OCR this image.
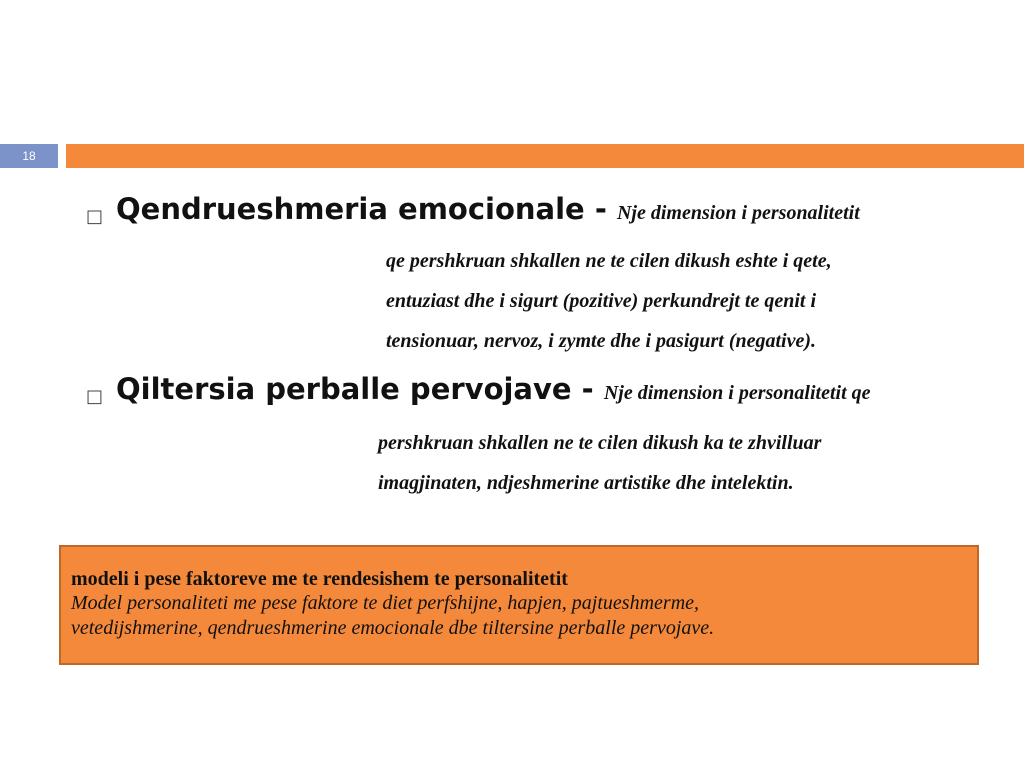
18
□ Qendrueshmeria emocionale - Nje dimension i personalitetit
qe pershkruan shkallen ne te cilen dikush eshte i qete,
entuziast dhe i sigurt (pozitive) perkundrejt te qenit i
tensionuar, nervoz, i zymte dhe i pasigurt (negative).
□ Qiltersia perballe pervojave - Nje dimension i personalitetit qe
pershkruan shkallen ne te cilen dikush ka te zhvilluar
imagjinaten, ndjeshmerine artistike dhe intelektin.
modeli i pese faktoreve me te rendesishem te personalitetit
Model personaliteti me pese faktore te diet perfshijne, hapjen, pajtueshmerme,
vetedijshmerine, qendrueshmerine emocionale dbe tiltersine perballe pervojave.
